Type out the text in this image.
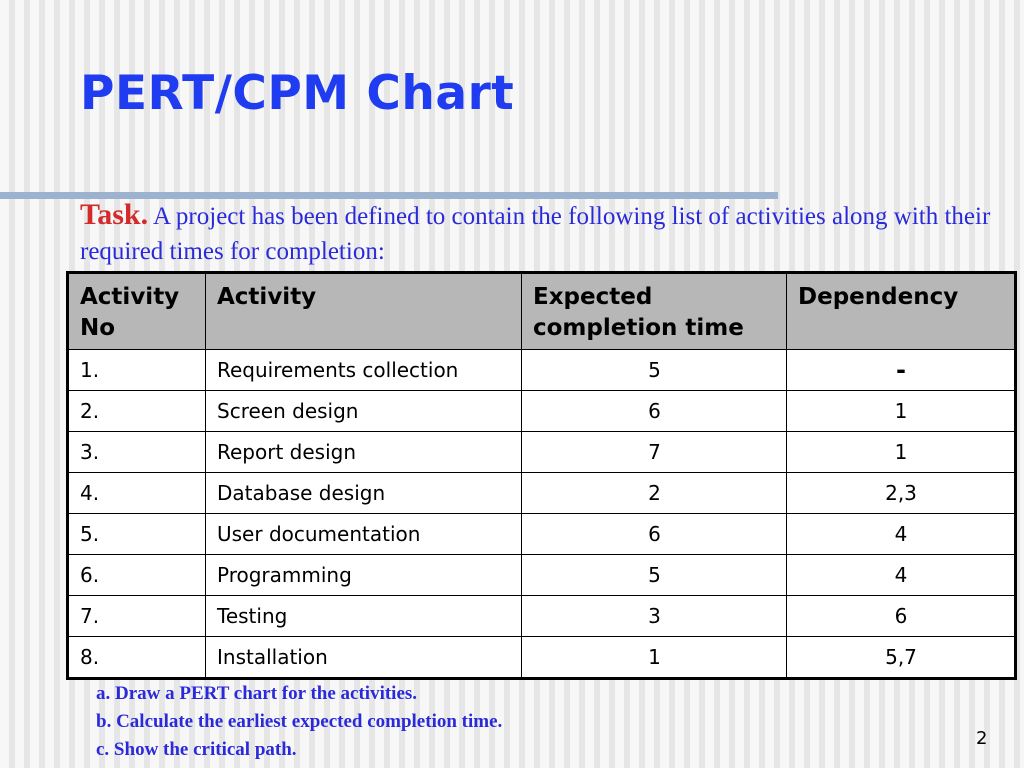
PERT/CPM Chart

Task. A project has been defined to contain the following list of activities along with their required times for completion:

Activity No	Activity	Expected completion time	Dependency
1.	Requirements collection	5	-
2.	Screen design	6	1
3.	Report design	7	1
4.	Database design	2	2,3
5.	User documentation	6	4
6.	Programming	5	4
7.	Testing	3	6
8.	Installation	1	5,7
a. Draw a PERT chart for the activities.
b. Calculate the earliest expected completion time.
c. Show the critical path.
2
